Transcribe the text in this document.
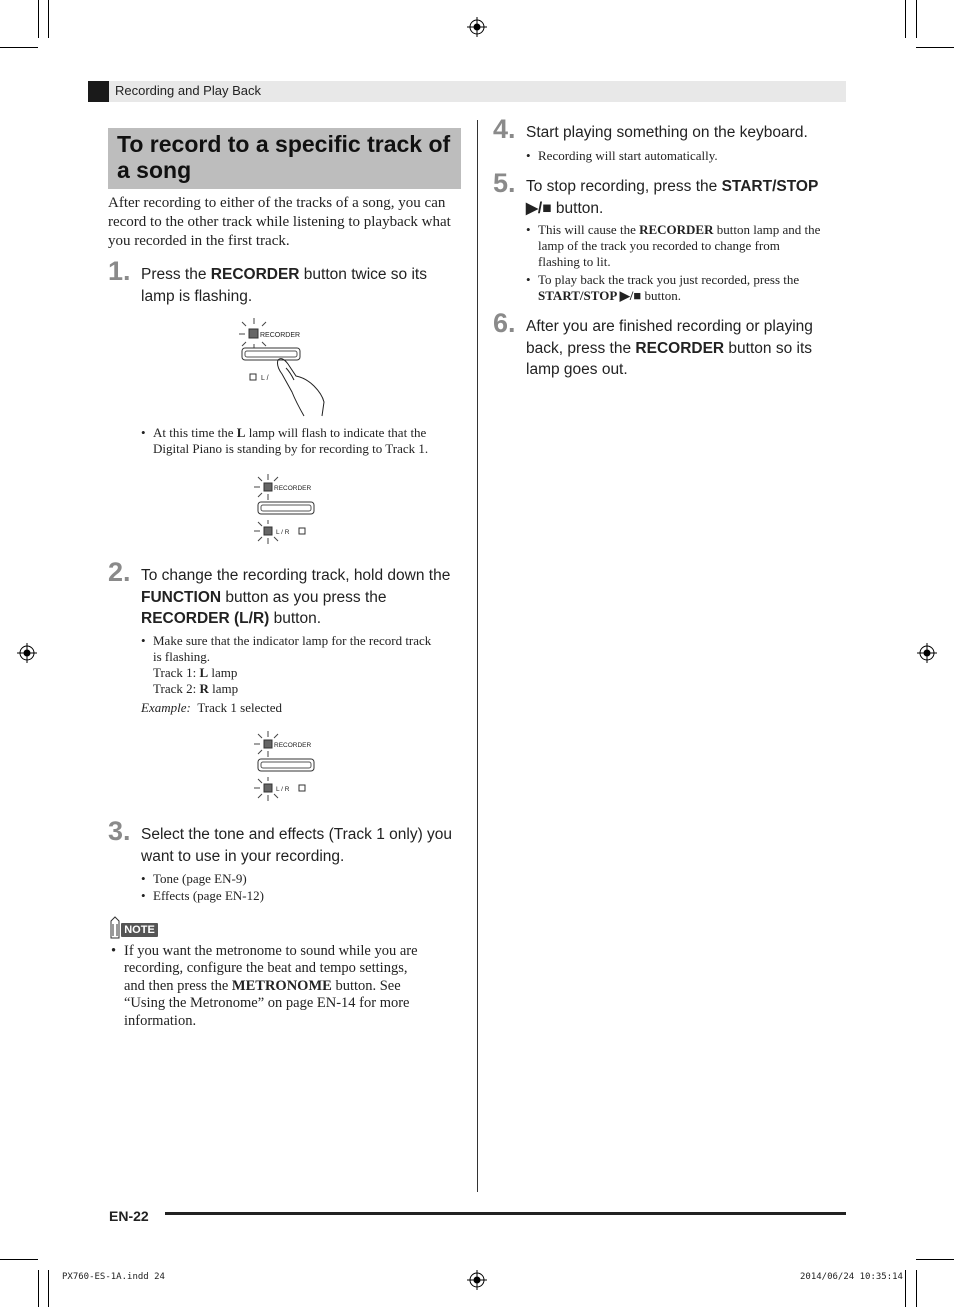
Recording and Play Back
To record to a specific track of a song
After recording to either of the tracks of a song, you can record to the other track while listening to playback what you recorded in the first track.
1. Press the RECORDER button twice so its
lamp is flashing.
RECORDER
L /
• At this time the L lamp will flash to indicate that the
Digital Piano is standing by for recording to Track 1.
RECORDER
L / R
2. To change the recording track, hold down the
FUNCTION button as you press the
RECORDER (L/R) button.
• Make sure that the indicator lamp for the record track
is flashing.
Track 1: L lamp
Track 2: R lamp
Example: Track 1 selected
RECORDER
L / R
3. Select the tone and effects (Track 1 only) you
want to use in your recording.
• Tone (page EN-9)
• Effects (page EN-12)
NOTE
• If you want the metronome to sound while you are
recording, configure the beat and tempo settings,
and then press the METRONOME button. See
“Using the Metronome” on page EN-14 for more
information.
4. Start playing something on the keyboard.
• Recording will start automatically.
5. To stop recording, press the START/STOP
▶/■ button.
• This will cause the RECORDER button lamp and the
lamp of the track you recorded to change from
flashing to lit.
• To play back the track you just recorded, press the
START/STOP ▶/■ button.
6. After you are finished recording or playing
back, press the RECORDER button so its
lamp goes out.
EN-22
PX760-ES-1A.indd 24	2014/06/24 10:35:14
